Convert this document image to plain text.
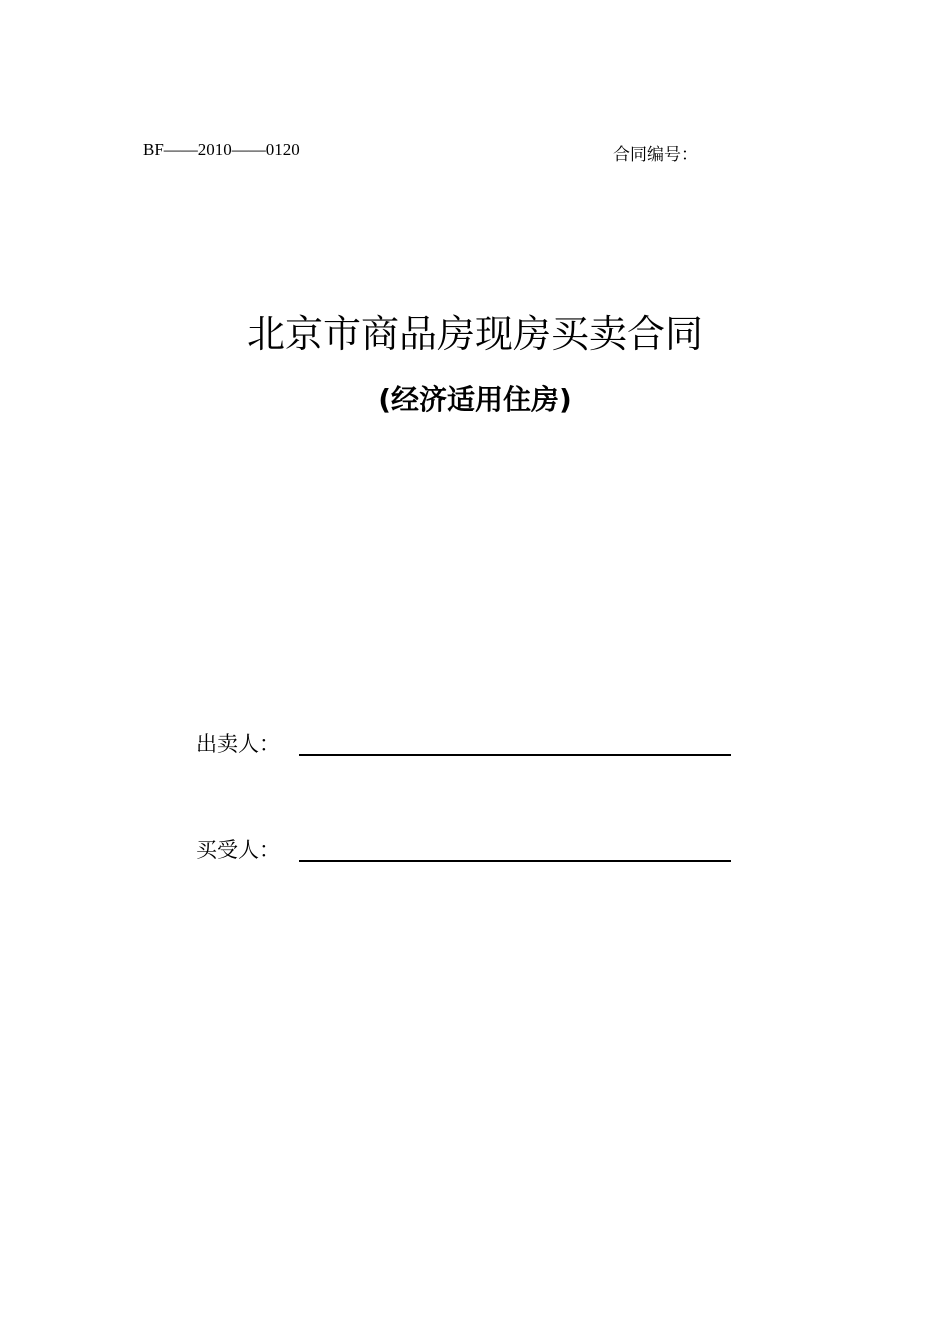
BF——2010——0120	合同编号：
北京市商品房现房买卖合同
(经济适用住房)
出卖人：
买受人：
